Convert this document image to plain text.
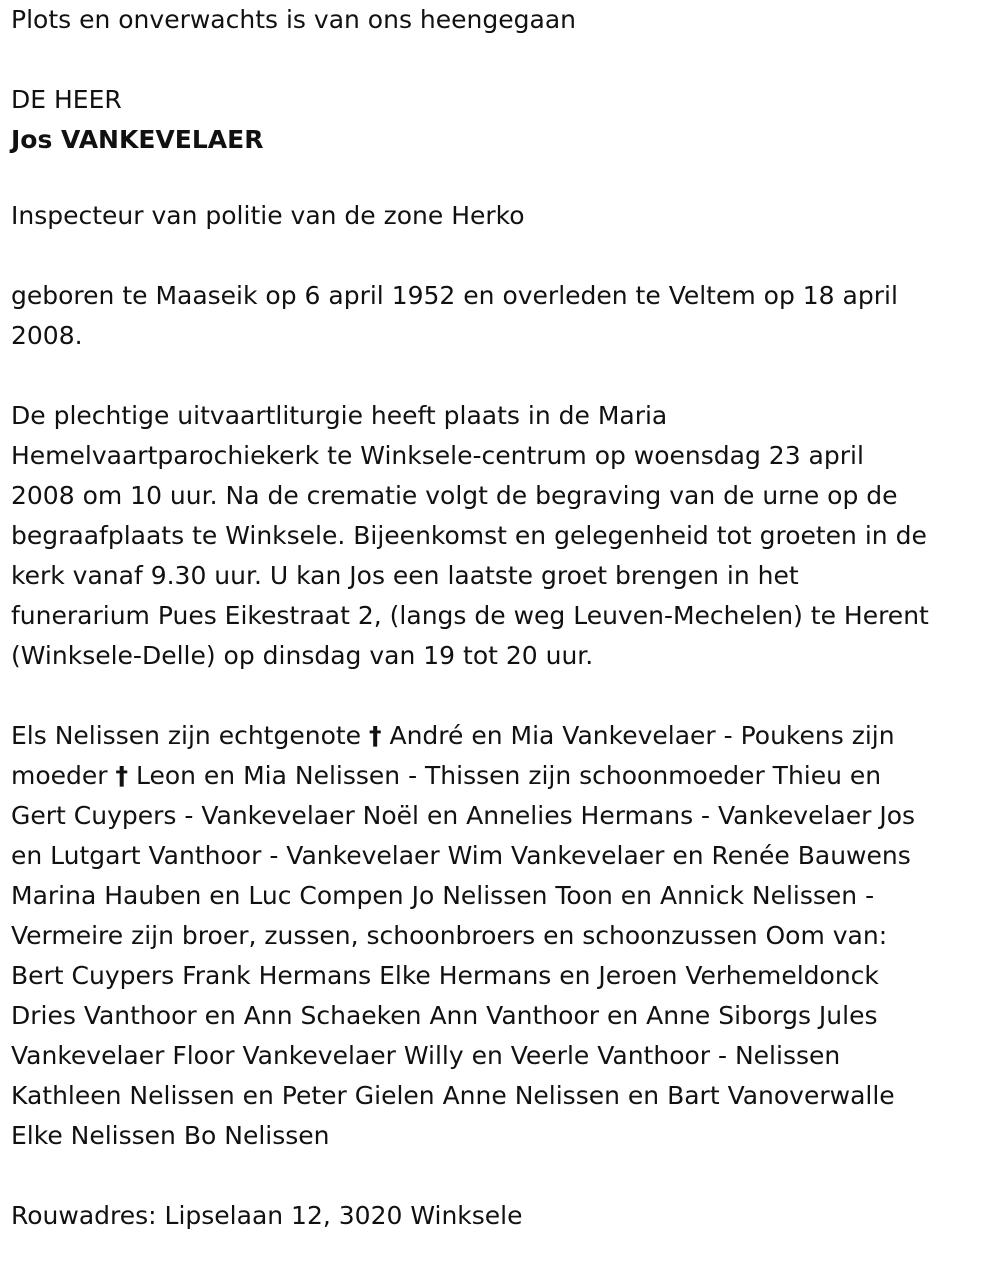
Plots en onverwachts is van ons heengegaan

DE HEER

Jos VANKEVELAER

Inspecteur van politie van de zone Herko

geboren te Maaseik op 6 april 1952 en overleden te Veltem op 18 april
2008.
De plechtige uitvaartliturgie heeft plaats in de Maria
Hemelvaartparochiekerk te Winksele-centrum op woensdag 23 april
2008 om 10 uur. Na de crematie volgt de begraving van de urne op de
begraafplaats te Winksele. Bijeenkomst en gelegenheid tot groeten in de
kerk vanaf 9.30 uur. U kan Jos een laatste groet brengen in het
funerarium Pues Eikestraat 2, (langs de weg Leuven-Mechelen) te Herent
(Winksele-Delle) op dinsdag van 19 tot 20 uur.
Els Nelissen zijn echtgenote † André en Mia Vankevelaer - Poukens zijn
moeder † Leon en Mia Nelissen - Thissen zijn schoonmoeder Thieu en
Gert Cuypers - Vankevelaer Noël en Annelies Hermans - Vankevelaer Jos
en Lutgart Vanthoor - Vankevelaer Wim Vankevelaer en Renée Bauwens
Marina Hauben en Luc Compen Jo Nelissen Toon en Annick Nelissen -
Vermeire zijn broer, zussen, schoonbroers en schoonzussen Oom van:
Bert Cuypers Frank Hermans Elke Hermans en Jeroen Verhemeldonck
Dries Vanthoor en Ann Schaeken Ann Vanthoor en Anne Siborgs Jules
Vankevelaer Floor Vankevelaer Willy en Veerle Vanthoor - Nelissen
Kathleen Nelissen en Peter Gielen Anne Nelissen en Bart Vanoverwalle
Elke Nelissen Bo Nelissen

Rouwadres: Lipselaan 12, 3020 Winksele
